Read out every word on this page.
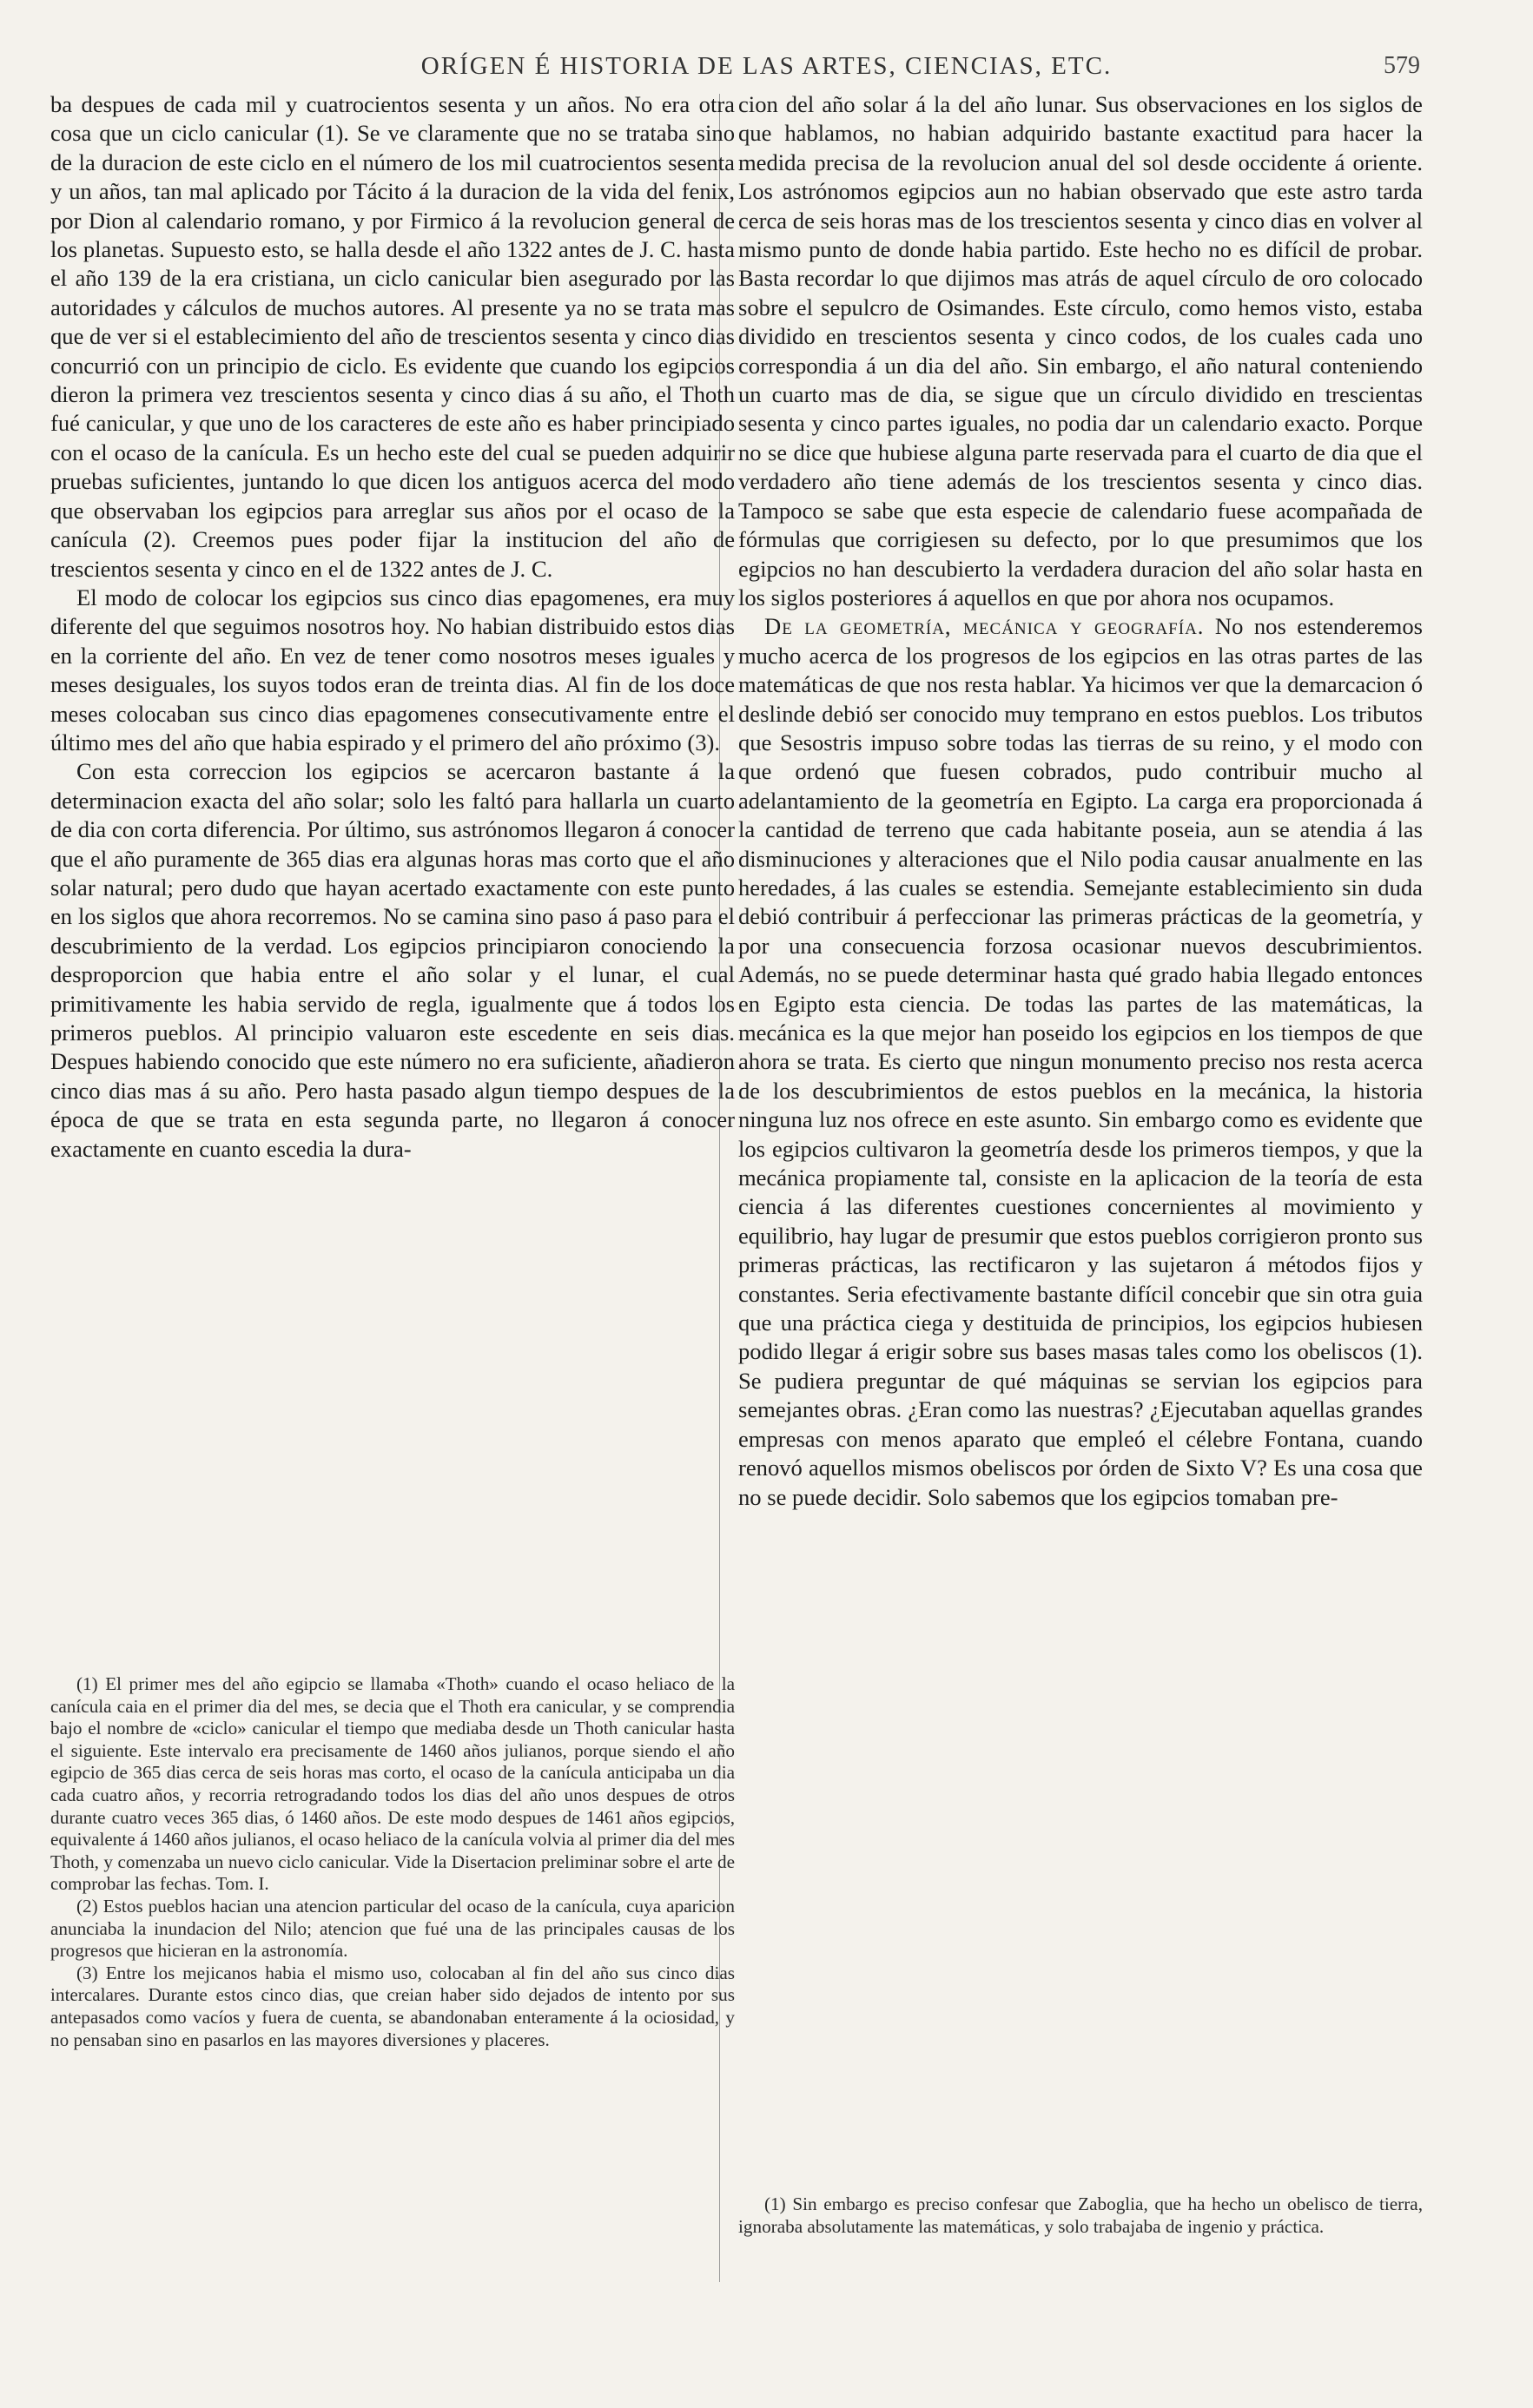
ORÍGEN É HISTORIA DE LAS ARTES, CIENCIAS, ETC.	579

ba despues de cada mil y cuatrocientos sesenta y un años. No era otra cosa que un ciclo canicular (1). Se ve claramente que no se trataba sino de la duracion de este ciclo en el número de los mil cuatrocientos sesenta y un años, tan mal aplicado por Tácito á la duracion de la vida del fenix, por Dion al calendario romano, y por Firmico á la revolucion general de los planetas. Supuesto esto, se halla desde el año 1322 antes de J. C. hasta el año 139 de la era cristiana, un ciclo canicular bien asegurado por las autoridades y cálculos de muchos autores. Al presente ya no se trata mas que de ver si el establecimiento del año de trescientos sesenta y cinco dias concurrió con un principio de ciclo. Es evidente que cuando los egipcios dieron la primera vez trescientos sesenta y cinco dias á su año, el Thoth fué canicular, y que uno de los caracteres de este año es haber principiado con el ocaso de la canícula. Es un hecho este del cual se pueden adquirir pruebas suficientes, juntando lo que dicen los antiguos acerca del modo que observaban los egipcios para arreglar sus años por el ocaso de la canícula (2). Creemos pues poder fijar la institucion del año de trescientos sesenta y cinco en el de 1322 antes de J. C.

El modo de colocar los egipcios sus cinco dias epagomenes, era muy diferente del que seguimos nosotros hoy. No habian distribuido estos dias en la corriente del año. En vez de tener como nosotros meses iguales y meses desiguales, los suyos todos eran de treinta dias. Al fin de los doce meses colocaban sus cinco dias epagomenes consecutivamente entre el último mes del año que habia espirado y el primero del año próximo (3).

Con esta correccion los egipcios se acercaron bastante á la determinacion exacta del año solar; solo les faltó para hallarla un cuarto de dia con corta diferencia. Por último, sus astrónomos llegaron á conocer que el año puramente de 365 dias era algunas horas mas corto que el año solar natural; pero dudo que hayan acertado exactamente con este punto en los siglos que ahora recorremos. No se camina sino paso á paso para el descubrimiento de la verdad. Los egipcios principiaron conociendo la desproporcion que habia entre el año solar y el lunar, el cual primitivamente les habia servido de regla, igualmente que á todos los primeros pueblos. Al principio valuaron este escedente en seis dias. Despues habiendo conocido que este número no era suficiente, añadieron cinco dias mas á su año. Pero hasta pasado algun tiempo despues de la época de que se trata en esta segunda parte, no llegaron á conocer exactamente en cuanto escedia la dura-

(1) El primer mes del año egipcio se llamaba «Thoth» cuando el ocaso heliaco de la canícula caia en el primer dia del mes, se decia que el Thoth era canicular, y se comprendia bajo el nombre de «ciclo» canicular el tiempo que mediaba desde un Thoth canicular hasta el siguiente. Este intervalo era precisamente de 1460 años julianos, porque siendo el año egipcio de 365 dias cerca de seis horas mas corto, el ocaso de la canícula anticipaba un dia cada cuatro años, y recorria retrogradando todos los dias del año unos despues de otros durante cuatro veces 365 dias, ó 1460 años. De este modo despues de 1461 años egipcios, equivalente á 1460 años julianos, el ocaso heliaco de la canícula volvia al primer dia del mes Thoth, y comenzaba un nuevo ciclo canicular. Vide la Disertacion preliminar sobre el arte de comprobar las fechas. Tom. I.

(2) Estos pueblos hacian una atencion particular del ocaso de la canícula, cuya aparicion anunciaba la inundacion del Nilo; atencion que fué una de las principales causas de los progresos que hicieran en la astronomía.

(3) Entre los mejicanos habia el mismo uso, colocaban al fin del año sus cinco dias intercalares. Durante estos cinco dias, que creian haber sido dejados de intento por sus antepasados como vacíos y fuera de cuenta, se abandonaban enteramente á la ociosidad, y no pensaban sino en pasarlos en las mayores diversiones y placeres.

cion del año solar á la del año lunar. Sus observaciones en los siglos de que hablamos, no habian adquirido bastante exactitud para hacer la medida precisa de la revolucion anual del sol desde occidente á oriente. Los astrónomos egipcios aun no habian observado que este astro tarda cerca de seis horas mas de los trescientos sesenta y cinco dias en volver al mismo punto de donde habia partido. Este hecho no es difícil de probar. Basta recordar lo que dijimos mas atrás de aquel círculo de oro colocado sobre el sepulcro de Osimandes. Este círculo, como hemos visto, estaba dividido en trescientos sesenta y cinco codos, de los cuales cada uno correspondia á un dia del año. Sin embargo, el año natural conteniendo un cuarto mas de dia, se sigue que un círculo dividido en trescientas sesenta y cinco partes iguales, no podia dar un calendario exacto. Porque no se dice que hubiese alguna parte reservada para el cuarto de dia que el verdadero año tiene además de los trescientos sesenta y cinco dias. Tampoco se sabe que esta especie de calendario fuese acompañada de fórmulas que corrigiesen su defecto, por lo que presumimos que los egipcios no han descubierto la verdadera duracion del año solar hasta en los siglos posteriores á aquellos en que por ahora nos ocupamos.

De la geometría, mecánica y geografía. No nos estenderemos mucho acerca de los progresos de los egipcios en las otras partes de las matemáticas de que nos resta hablar. Ya hicimos ver que la demarcacion ó deslinde debió ser conocido muy temprano en estos pueblos. Los tributos que Sesostris impuso sobre todas las tierras de su reino, y el modo con que ordenó que fuesen cobrados, pudo contribuir mucho al adelantamiento de la geometría en Egipto. La carga era proporcionada á la cantidad de terreno que cada habitante poseia, aun se atendia á las disminuciones y alteraciones que el Nilo podia causar anualmente en las heredades, á las cuales se estendia. Semejante establecimiento sin duda debió contribuir á perfeccionar las primeras prácticas de la geometría, y por una consecuencia forzosa ocasionar nuevos descubrimientos. Además, no se puede determinar hasta qué grado habia llegado entonces en Egipto esta ciencia. De todas las partes de las matemáticas, la mecánica es la que mejor han poseido los egipcios en los tiempos de que ahora se trata. Es cierto que ningun monumento preciso nos resta acerca de los descubrimientos de estos pueblos en la mecánica, la historia ninguna luz nos ofrece en este asunto. Sin embargo como es evidente que los egipcios cultivaron la geometría desde los primeros tiempos, y que la mecánica propiamente tal, consiste en la aplicacion de la teoría de esta ciencia á las diferentes cuestiones concernientes al movimiento y equilibrio, hay lugar de presumir que estos pueblos corrigieron pronto sus primeras prácticas, las rectificaron y las sujetaron á métodos fijos y constantes. Seria efectivamente bastante difícil concebir que sin otra guia que una práctica ciega y destituida de principios, los egipcios hubiesen podido llegar á erigir sobre sus bases masas tales como los obeliscos (1). Se pudiera preguntar de qué máquinas se servian los egipcios para semejantes obras. ¿Eran como las nuestras? ¿Ejecutaban aquellas grandes empresas con menos aparato que empleó el célebre Fontana, cuando renovó aquellos mismos obeliscos por órden de Sixto V? Es una cosa que no se puede decidir. Solo sabemos que los egipcios tomaban pre-

(1) Sin embargo es preciso confesar que Zaboglia, que ha hecho un obelisco de tierra, ignoraba absolutamente las matemáticas, y solo trabajaba de ingenio y práctica.
